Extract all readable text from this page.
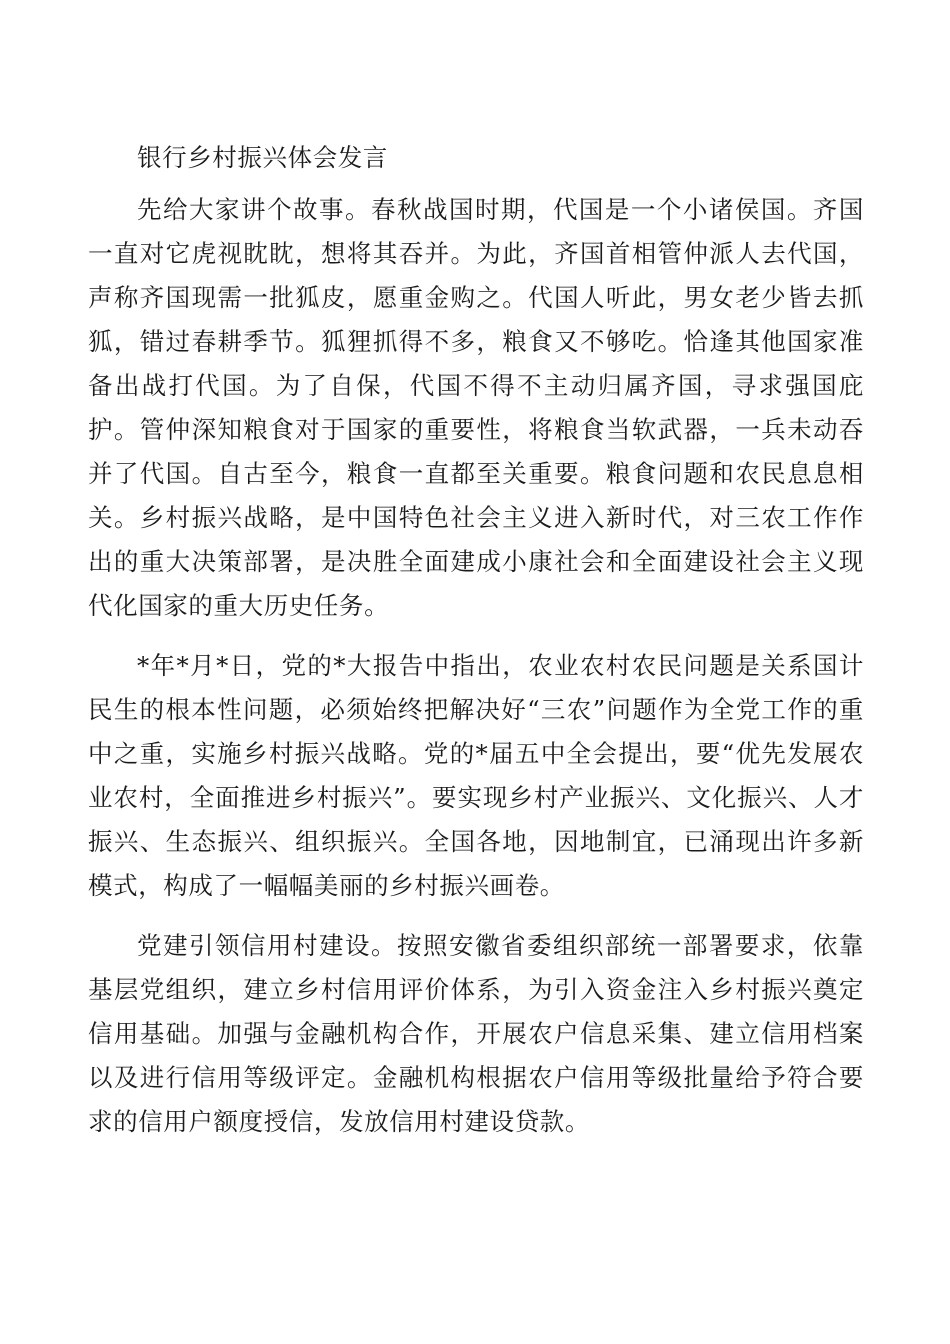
银行乡村振兴体会发言

先给大家讲个故事。春秋战国时期，代国是一个小诸侯国。齐国一直对它虎视眈眈，想将其吞并。为此，齐国首相管仲派人去代国，声称齐国现需一批狐皮，愿重金购之。代国人听此，男女老少皆去抓狐，错过春耕季节。狐狸抓得不多，粮食又不够吃。恰逢其他国家准备出战打代国。为了自保，代国不得不主动归属齐国，寻求强国庇护。管仲深知粮食对于国家的重要性，将粮食当软武器，一兵未动吞并了代国。自古至今，粮食一直都至关重要。粮食问题和农民息息相关。乡村振兴战略，是中国特色社会主义进入新时代，对三农工作作出的重大决策部署，是决胜全面建成小康社会和全面建设社会主义现代化国家的重大历史任务。

*年*月*日，党的*大报告中指出，农业农村农民问题是关系国计民生的根本性问题，必须始终把解决好“三农”问题作为全党工作的重中之重，实施乡村振兴战略。党的*届五中全会提出，要“优先发展农业农村，全面推进乡村振兴”。要实现乡村产业振兴、文化振兴、人才振兴、生态振兴、组织振兴。全国各地，因地制宜，已涌现出许多新模式，构成了一幅幅美丽的乡村振兴画卷。

党建引领信用村建设。按照安徽省委组织部统一部署要求，依靠基层党组织，建立乡村信用评价体系，为引入资金注入乡村振兴奠定信用基础。加强与金融机构合作，开展农户信息采集、建立信用档案以及进行信用等级评定。金融机构根据农户信用等级批量给予符合要求的信用户额度授信，发放信用村建设贷款。
